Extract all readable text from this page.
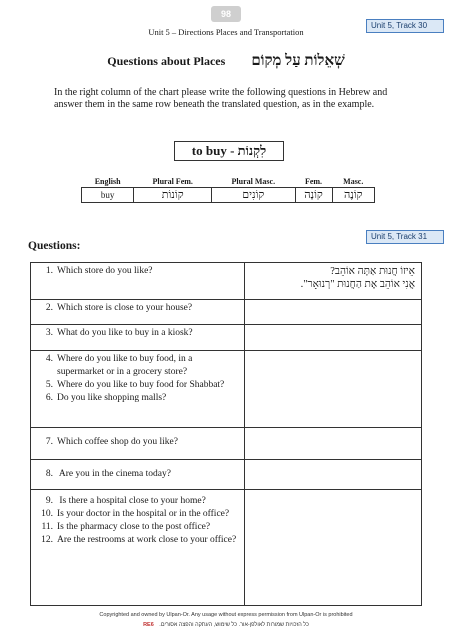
98
Unit 5, Track 30
Unit 5 – Directions Places and Transportation
Questions about Places שְׁאֵלוֹת עַל מְקוֹם
In the right column of the chart please write the following questions in Hebrew and answer them in the same row beneath the translated question, as in the example.
to buy - לִקְנוֹת
English	Plural Fem.	Plural Masc.	Fem.	Masc.
buy	קוֹנוֹת	קוֹנִים	קוֹנָה	קוֹנֶה
Questions:
Unit 5, Track 31
1. Which store do you like?	אֵיזוֹ חֲנוּת אַתָּה אוֹהֵב?
אֲנִי אוֹהֵב אֶת הַחֲנוּת "רְנוּאָר".
2. Which store is close to your house?
3. What do you like to buy in a kiosk?
4. Where do you like to buy food, in a supermarket or in a grocery store?
5. Where do you like to buy food for Shabbat?
6. Do you like shopping malls?
7. Which coffee shop do you like?
8. Are you in the cinema today?
9. Is there a hospital close to your home?
10. Is your doctor in the hospital or in the office?
11. Is the pharmacy close to the post office?
12. Are the restrooms at work close to your office?
Copyrighted and owned by Ulpan-Or. Any usage without express permission from Ulpan-Or is prohibited
RE6 כל הזכויות שמורות לאולפן-אור. כל שימוש, העתקה והפצה אסורים.
